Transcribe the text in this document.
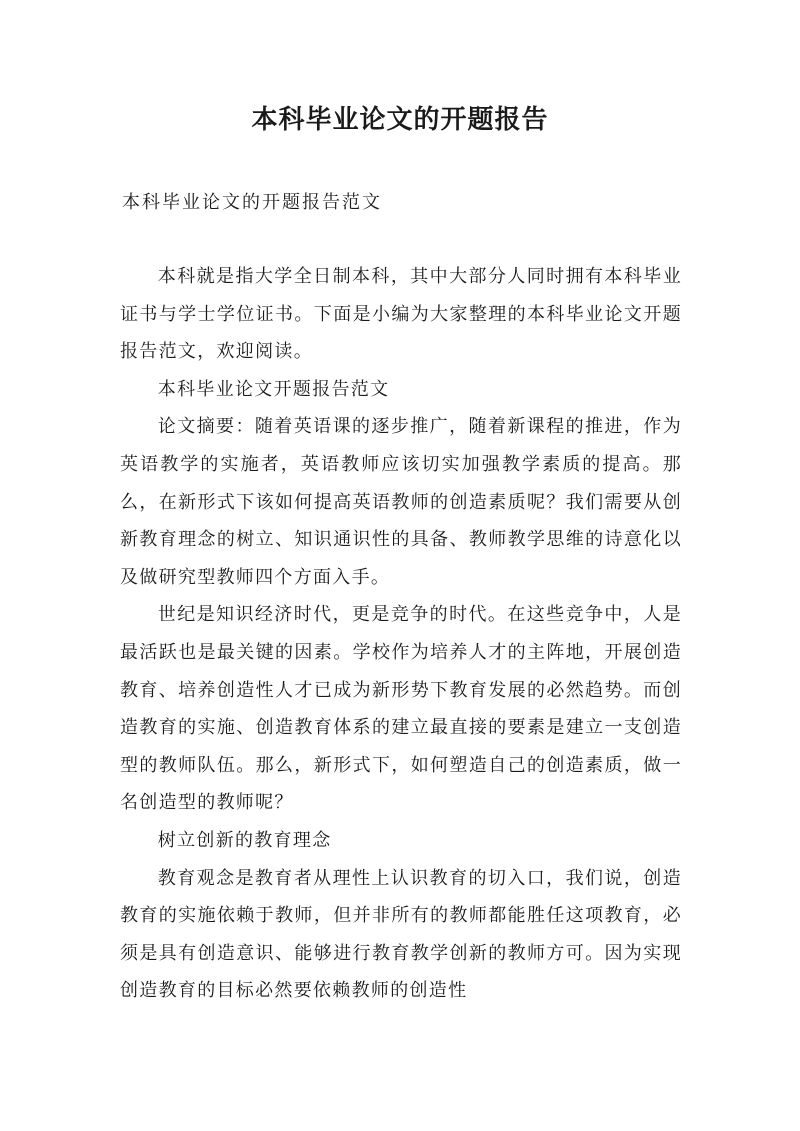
本科毕业论文的开题报告

本科毕业论文的开题报告范文

本科就是指大学全日制本科，其中大部分人同时拥有本科毕业证书与学士学位证书。下面是小编为大家整理的本科毕业论文开题报告范文，欢迎阅读。

本科毕业论文开题报告范文

论文摘要：随着英语课的逐步推广，随着新课程的推进，作为英语教学的实施者，英语教师应该切实加强教学素质的提高。那么，在新形式下该如何提高英语教师的创造素质呢？我们需要从创新教育理念的树立、知识通识性的具备、教师教学思维的诗意化以及做研究型教师四个方面入手。

世纪是知识经济时代，更是竞争的时代。在这些竞争中，人是最活跃也是最关键的因素。学校作为培养人才的主阵地，开展创造教育、培养创造性人才已成为新形势下教育发展的必然趋势。而创造教育的实施、创造教育体系的建立最直接的要素是建立一支创造型的教师队伍。那么，新形式下，如何塑造自己的创造素质，做一名创造型的教师呢？

树立创新的教育理念

教育观念是教育者从理性上认识教育的切入口，我们说，创造教育的实施依赖于教师，但并非所有的教师都能胜任这项教育，必须是具有创造意识、能够进行教育教学创新的教师方可。因为实现创造教育的目标必然要依赖教师的创造性
